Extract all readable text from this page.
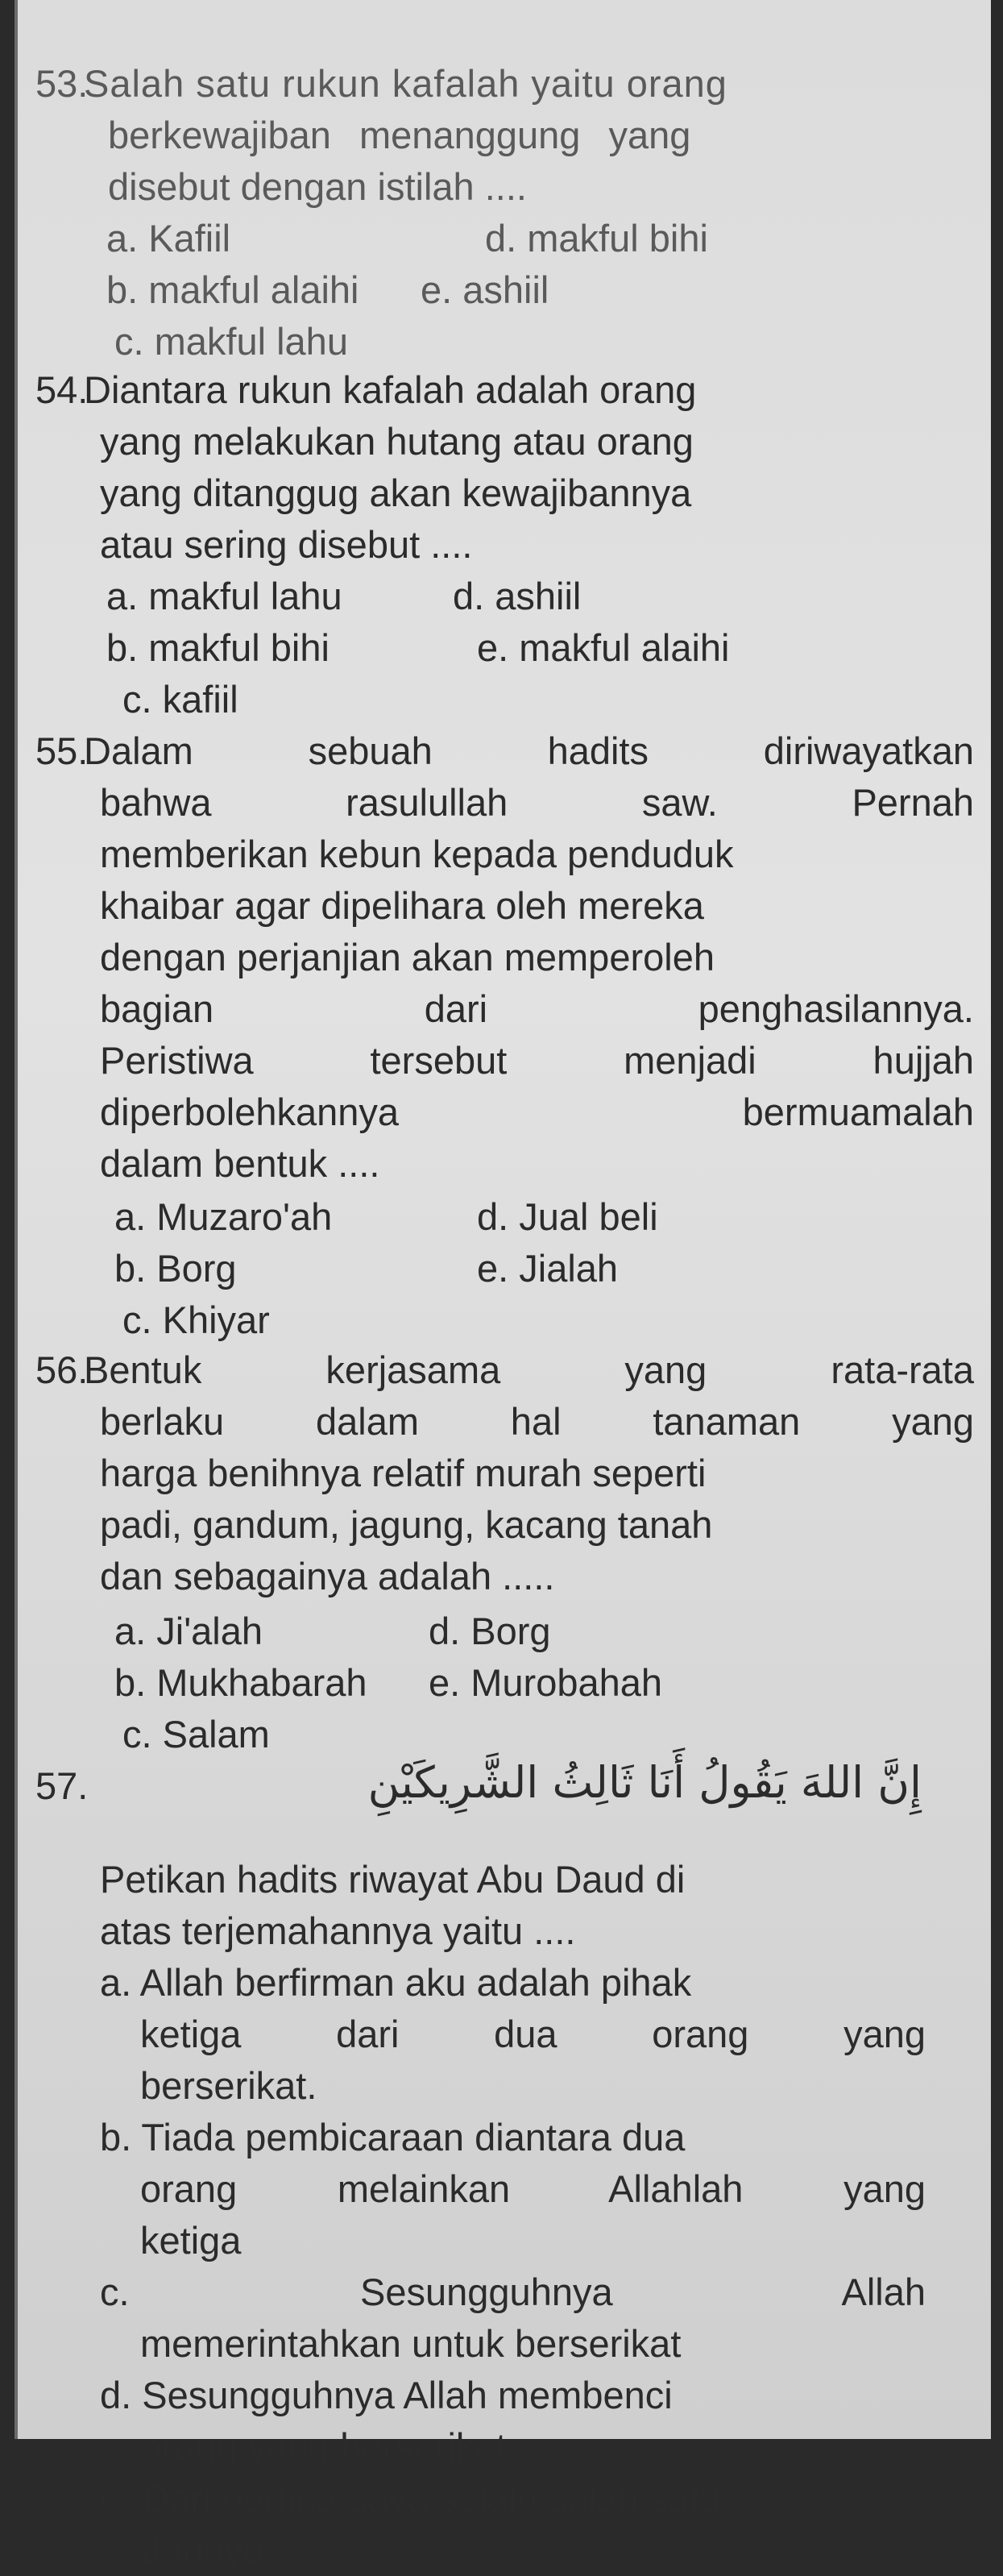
53.
Salah satu rukun kafalah yaitu orang
berkewajiban menanggung yang
disebut dengan istilah ....
a. Kafiil	d. makful bihi
b. makful alaihi e. ashiil
c. makful lahu
54.
Diantara rukun kafalah adalah orang
yang melakukan hutang atau orang
yang ditanggug akan kewajibannya
atau sering disebut ....
a. makful lahu	d. ashiil
b. makful bihi	e. makful alaihi
c. kafiil
55.
Dalam sebuah hadits diriwayatkan
bahwa rasulullah saw. Pernah
memberikan kebun kepada penduduk
khaibar agar dipelihara oleh mereka
dengan perjanjian akan memperoleh
bagian dari penghasilannya.
Peristiwa tersebut menjadi hujjah
diperbolehkannya bermuamalah
dalam bentuk ....
a. Muzaro'ah	d. Jual beli
b. Borg	e. Jialah
c. Khiyar
56.
Bentuk kerjasama yang rata-rata
berlaku dalam hal tanaman yang
harga benihnya relatif murah seperti
padi, gandum, jagung, kacang tanah
dan sebagainya adalah .....
a. Ji'alah	d. Borg
b. Mukhabarah e. Murobahah
c. Salam
57.	إِنَّ اللهَ يَقُولُ أَنَا ثَالِثُ الشَّرِيكَيْنِ
Petikan hadits riwayat Abu Daud di
atas terjemahannya yaitu ....
a. Allah berfirman aku adalah pihak
ketiga dari dua orang yang
berserikat.
b. Tiada pembicaraan diantara dua
orang melainkan Allahlah yang
ketiga
c. Sesungguhnya Allah
memerintahkan untuk berserikat
d. Sesungguhnya Allah membenci
orang yang berserikat
e. Dari bertiga saya selalu salah satu
darinya
